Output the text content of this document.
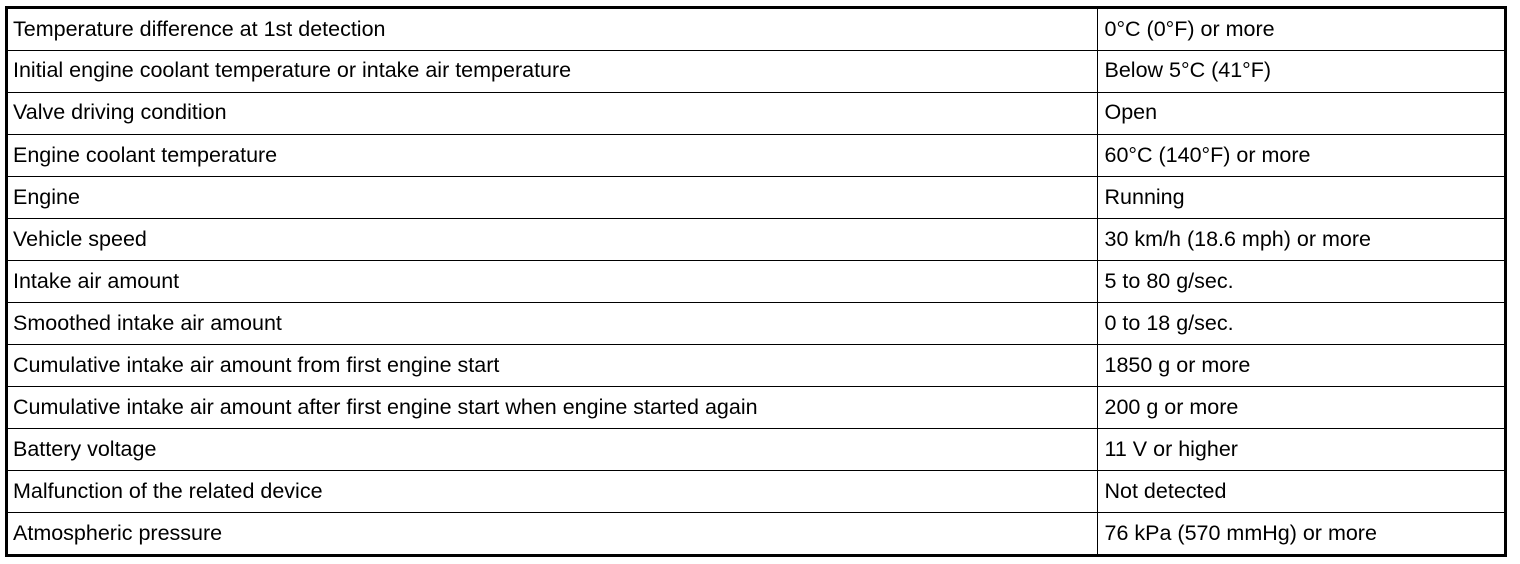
Temperature difference at 1st detection	0°C (0°F) or more
Initial engine coolant temperature or intake air temperature	Below 5°C (41°F)
Valve driving condition	Open
Engine coolant temperature	60°C (140°F) or more
Engine	Running
Vehicle speed	30 km/h (18.6 mph) or more
Intake air amount	5 to 80 g/sec.
Smoothed intake air amount	0 to 18 g/sec.
Cumulative intake air amount from first engine start	1850 g or more
Cumulative intake air amount after first engine start when engine started again	200 g or more
Battery voltage	11 V or higher
Malfunction of the related device	Not detected
Atmospheric pressure	76 kPa (570 mmHg) or more
